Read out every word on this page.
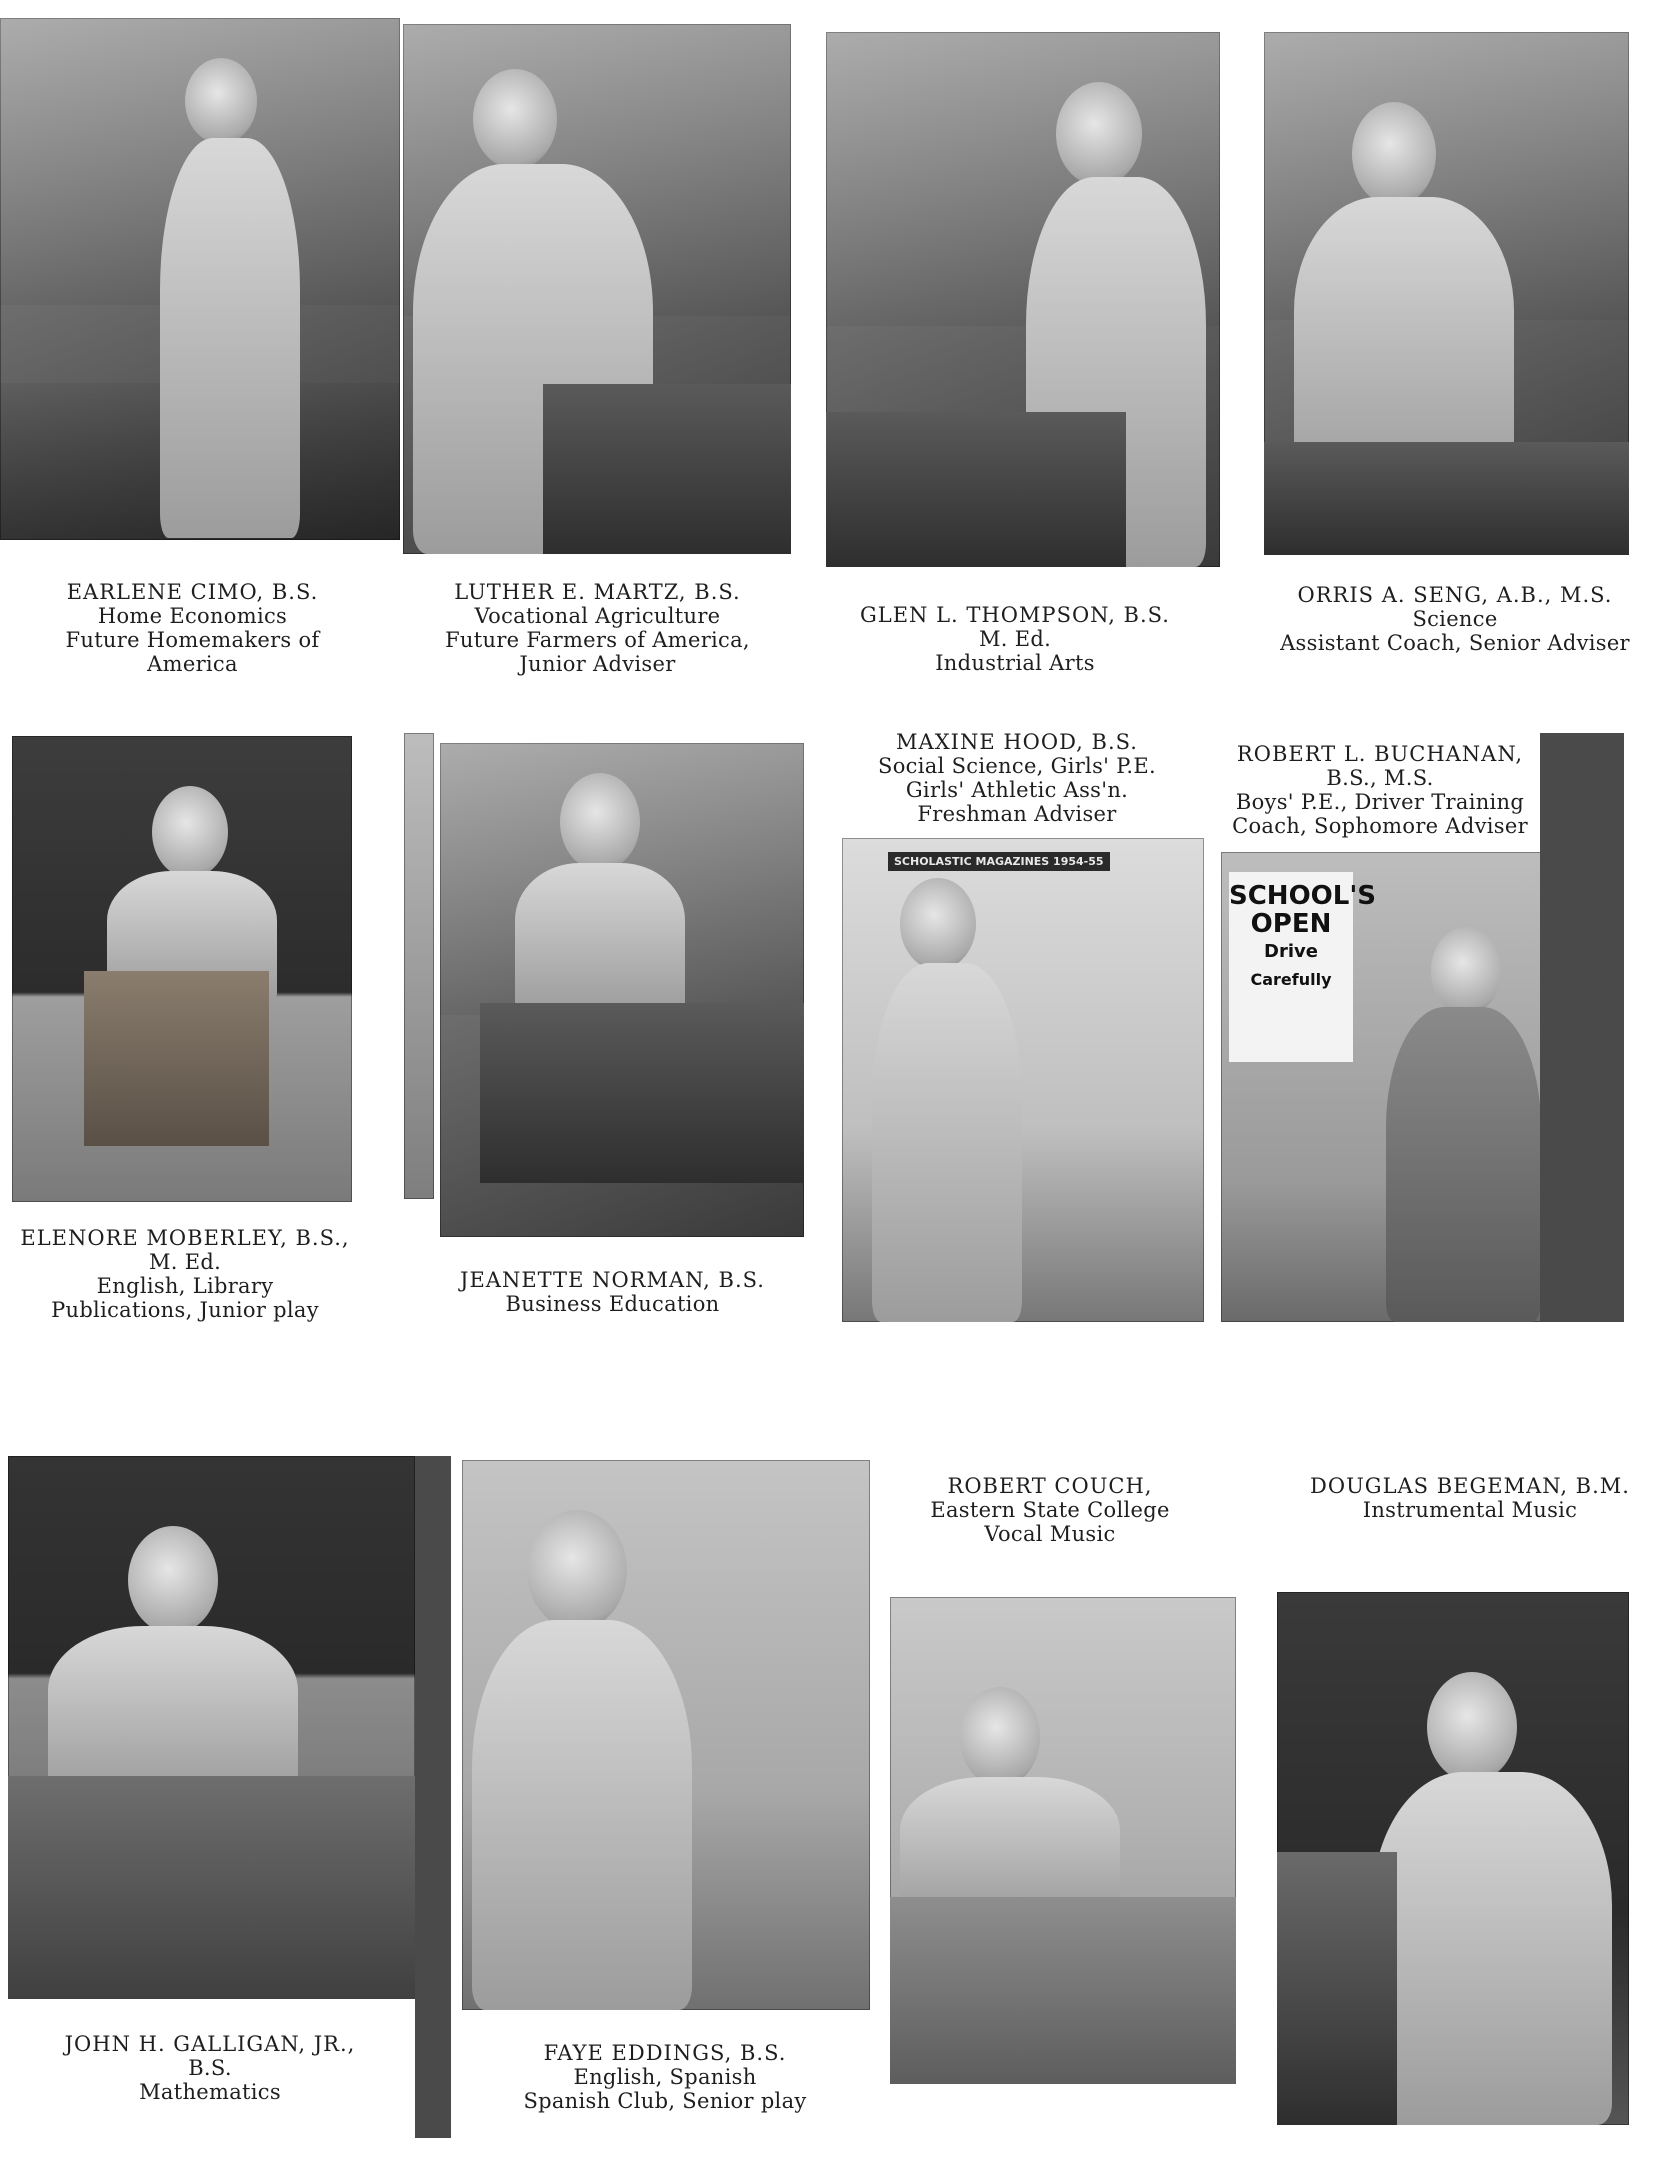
EARLENE CIMO, B.S.
Home Economics
Future Homemakers of
America
LUTHER E. MARTZ, B.S.
Vocational Agriculture
Future Farmers of America,
Junior Adviser
GLEN L. THOMPSON, B.S.
M. Ed.
Industrial Arts
ORRIS A. SENG, A.B., M.S.
Science
Assistant Coach, Senior Adviser
SCHOLASTIC MAGAZINES 1954-55
SCHOOL'S
OPEN
Drive
Carefully
ELENORE MOBERLEY, B.S.,
M. Ed.
English, Library
Publications, Junior play
JEANETTE NORMAN, B.S.
Business Education
MAXINE HOOD, B.S.
Social Science, Girls' P.E.
Girls' Athletic Ass'n.
Freshman Adviser
ROBERT L. BUCHANAN,
B.S., M.S.
Boys' P.E., Driver Training
Coach, Sophomore Adviser
JOHN H. GALLIGAN, JR.,
B.S.
Mathematics
FAYE EDDINGS, B.S.
English, Spanish
Spanish Club, Senior play
ROBERT COUCH,
Eastern State College
Vocal Music
DOUGLAS BEGEMAN, B.M.
Instrumental Music
